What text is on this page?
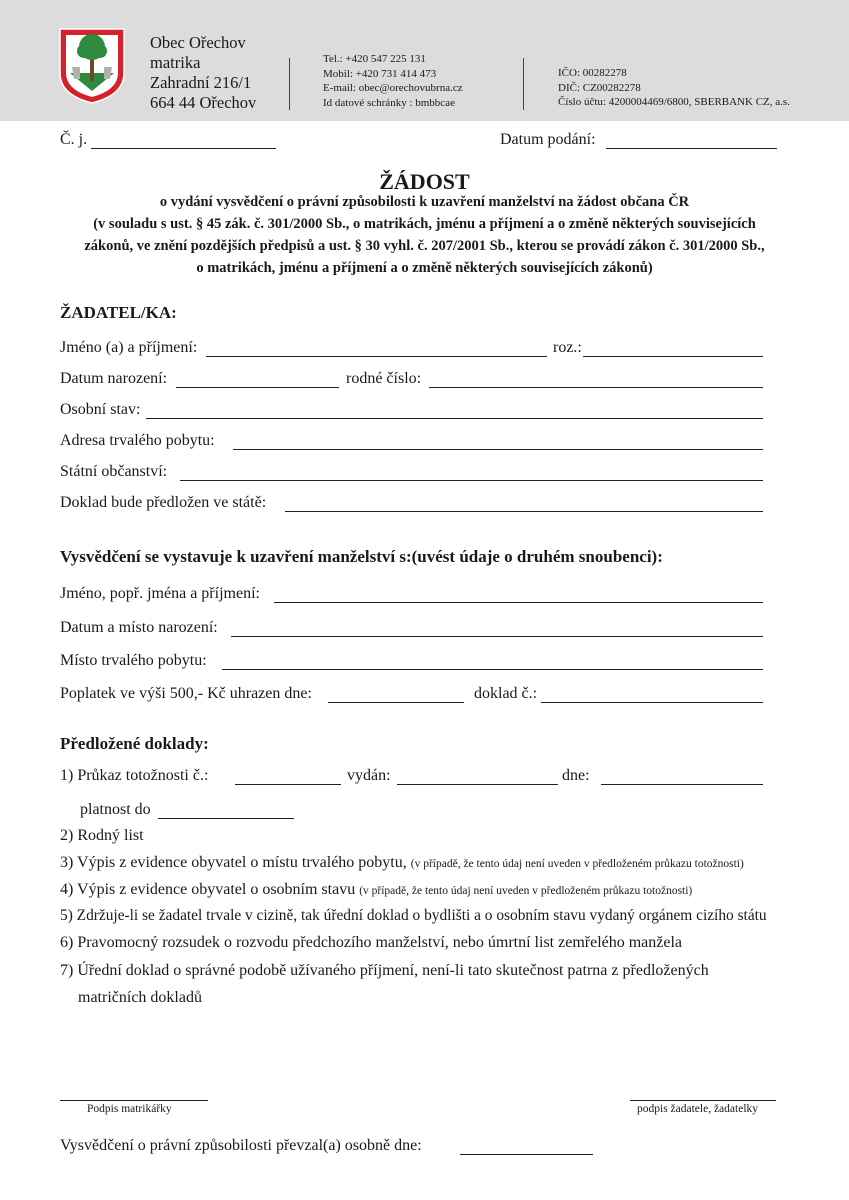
Obec Ořechov
matrika
Zahradní 216/1
664 44 Ořechov
Tel.: +420 547 225 131
Mobil: +420 731 414 473
E-mail: obec@orechovubrna.cz
Id datové schránky : bmbbcae
IČO: 00282278
DIČ: CZ00282278
Číslo účtu: 4200004469/6800, SBERBANK CZ, a.s.
Č. j.	Datum podání:
ŽÁDOST
o vydání vysvědčení o právní způsobilosti k uzavření manželství na žádost občana ČR
(v souladu s ust. § 45 zák. č. 301/2000 Sb., o matrikách, jménu a příjmení a o změně některých souvisejících
zákonů, ve znění pozdějších předpisů a ust. § 30 vyhl. č. 207/2001 Sb., kterou se provádí zákon č. 301/2000 Sb.,
o matrikách, jménu a příjmení a o změně některých souvisejících zákonů)
ŽADATEL/KA:
Jméno (a) a příjmení:	roz.:
Datum narození:	rodné číslo:
Osobní stav:
Adresa trvalého pobytu:
Státní občanství:
Doklad bude předložen ve státě:
Vysvědčení se vystavuje k uzavření manželství s:(uvést údaje o druhém snoubenci):
Jméno, popř. jména a příjmení:
Datum a místo narození:
Místo trvalého pobytu:
Poplatek ve výši 500,- Kč uhrazen dne:	doklad č.:
Předložené doklady:
1) Průkaz totožnosti č.:	vydán:	dne:
platnost do
2) Rodný list
3) Výpis z evidence obyvatel o místu trvalého pobytu, (v případě, že tento údaj není uveden v předloženém průkazu totožnosti)
4) Výpis z evidence obyvatel o osobním stavu (v případě, že tento údaj není uveden v předloženém průkazu totožnosti)
5) Zdržuje-li se žadatel trvale v cizině, tak úřední doklad o bydlišti a o osobním stavu vydaný orgánem cizího státu
6) Pravomocný rozsudek o rozvodu předchozího manželství, nebo úmrtní list zemřelého manžela
7) Úřední doklad o správné podobě užívaného příjmení, není-li tato skutečnost patrna z předložených
matričních dokladů
Podpis matrikářky	podpis žadatele, žadatelky
Vysvědčení o právní způsobilosti převzal(a) osobně dne:
